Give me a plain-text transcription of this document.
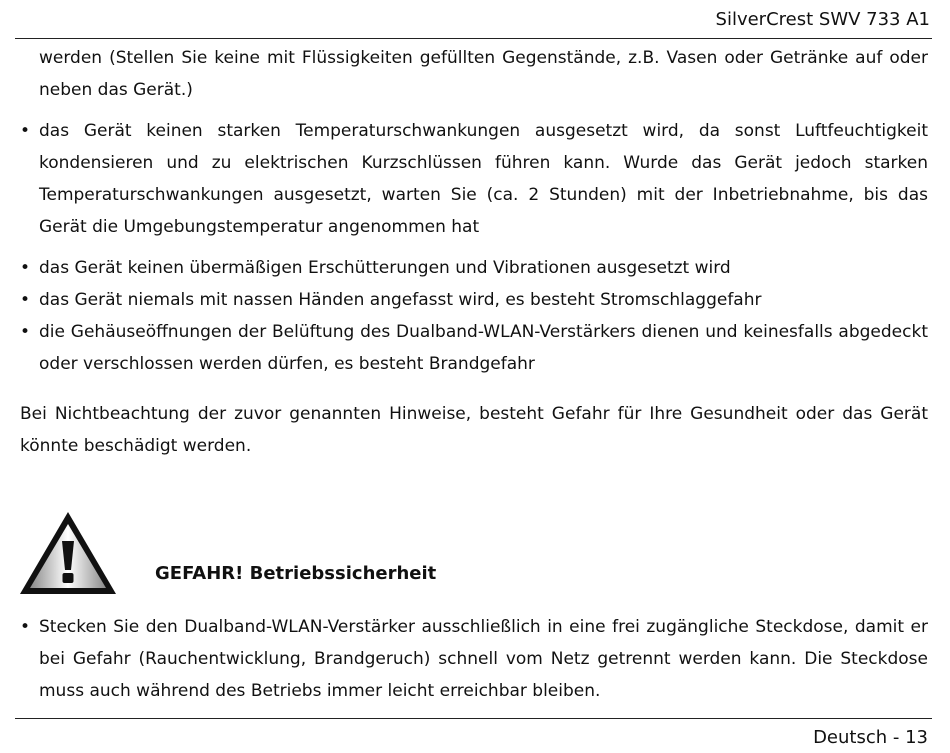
SilverCrest SWV 733 A1

werden (Stellen Sie keine mit Flüssigkeiten gefüllten Gegenstände, z.B. Vasen oder Getränke auf oder neben das Gerät.)

• das Gerät keinen starken Temperaturschwankungen ausgesetzt wird, da sonst Luftfeuchtigkeit kondensieren und zu elektrischen Kurzschlüssen führen kann. Wurde das Gerät jedoch starken Temperaturschwankungen ausgesetzt, warten Sie (ca. 2 Stunden) mit der Inbetriebnahme, bis das Gerät die Umgebungstemperatur angenommen hat
• das Gerät keinen übermäßigen Erschütterungen und Vibrationen ausgesetzt wird
• das Gerät niemals mit nassen Händen angefasst wird, es besteht Stromschlaggefahr
• die Gehäuseöffnungen der Belüftung des Dualband-WLAN-Verstärkers dienen und keinesfalls abgedeckt oder verschlossen werden dürfen, es besteht Brandgefahr

Bei Nichtbeachtung der zuvor genannten Hinweise, besteht Gefahr für Ihre Gesundheit oder das Gerät könnte beschädigt werden.

GEFAHR! Betriebssicherheit
• Stecken Sie den Dualband-WLAN-Verstärker ausschließlich in eine frei zugängliche Steckdose, damit er bei Gefahr (Rauchentwicklung, Brandgeruch) schnell vom Netz getrennt werden kann. Die Steckdose muss auch während des Betriebs immer leicht erreichbar bleiben.
Deutsch - 13
